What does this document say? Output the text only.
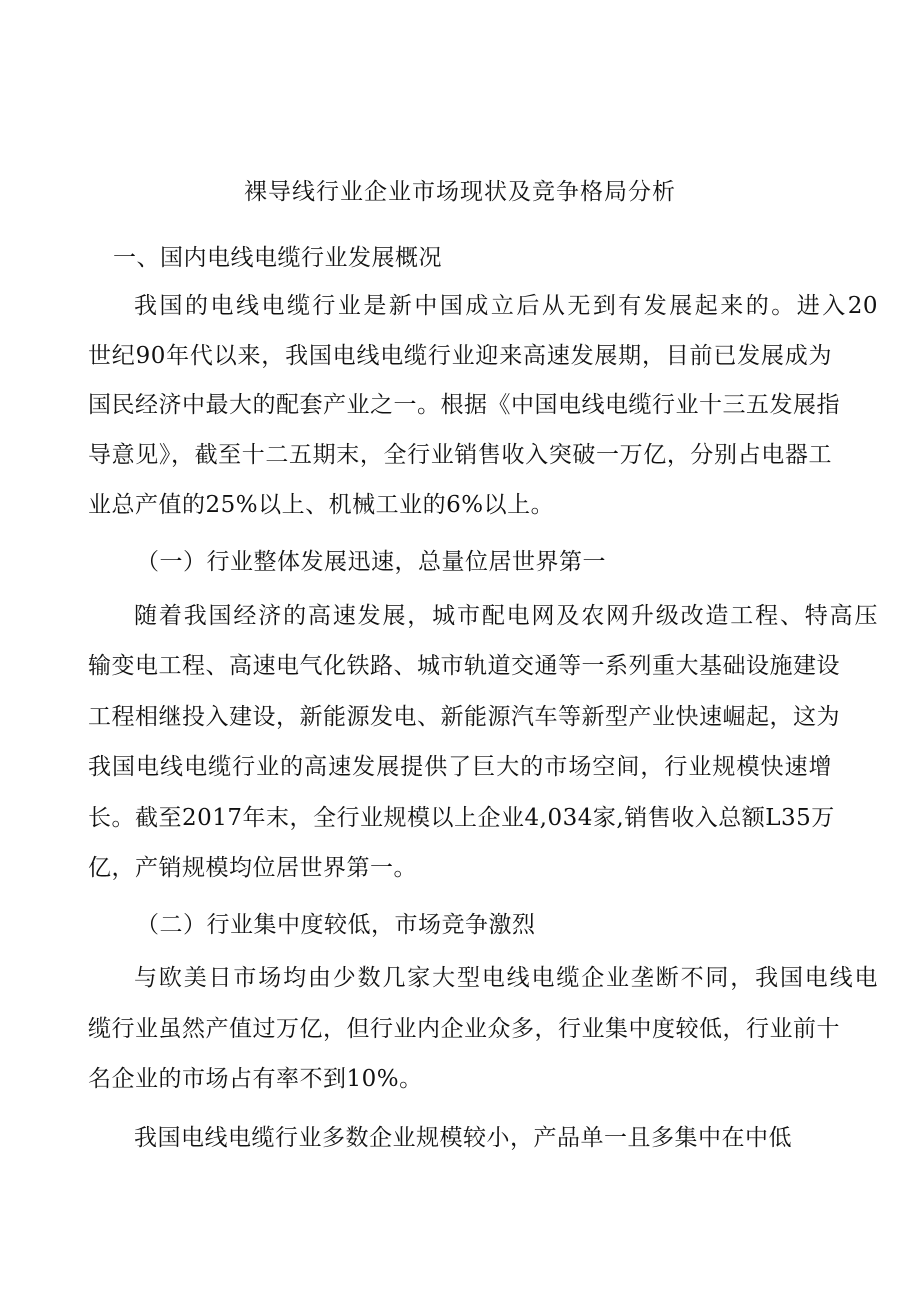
裸导线行业企业市场现状及竞争格局分析
一、国内电线电缆行业发展概况
我国的电线电缆行业是新中国成立后从无到有发展起来的。进入20
世纪90年代以来，我国电线电缆行业迎来高速发展期，目前已发展成为
国民经济中最大的配套产业之一。根据《中国电线电缆行业十三五发展指
导意见》，截至十二五期末，全行业销售收入突破一万亿，分别占电器工
业总产值的25%以上、机械工业的6%以上。
（一）行业整体发展迅速，总量位居世界第一
随着我国经济的高速发展，城市配电网及农网升级改造工程、特高压
输变电工程、高速电气化铁路、城市轨道交通等一系列重大基础设施建设
工程相继投入建设，新能源发电、新能源汽车等新型产业快速崛起，这为
我国电线电缆行业的高速发展提供了巨大的市场空间，行业规模快速增
长。截至2017年末，全行业规模以上企业4,034家,销售收入总额L35万
亿，产销规模均位居世界第一。
（二）行业集中度较低，市场竞争激烈
与欧美日市场均由少数几家大型电线电缆企业垄断不同，我国电线电
缆行业虽然产值过万亿，但行业内企业众多，行业集中度较低，行业前十
名企业的市场占有率不到10%。
我国电线电缆行业多数企业规模较小，产品单一且多集中在中低
